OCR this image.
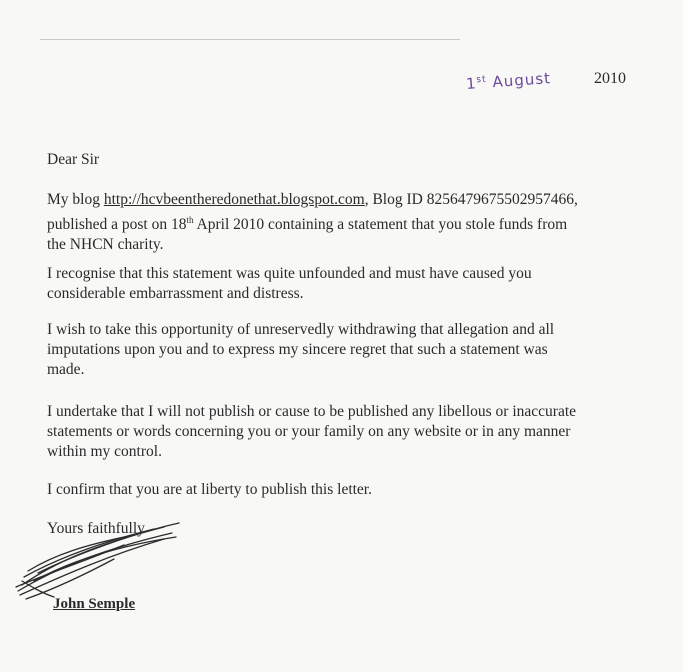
1st August	2010

Dear Sir

My blog http://hcvbeentheredonethat.blogspot.com, Blog ID 8256479675502957466,
published a post on 18th April 2010 containing a statement that you stole funds from
the NHCN charity.

I recognise that this statement was quite unfounded and must have caused you
considerable embarrassment and distress.

I wish to take this opportunity of unreservedly withdrawing that allegation and all
imputations upon you and to express my sincere regret that such a statement was
made.

I undertake that I will not publish or cause to be published any libellous or inaccurate
statements or words concerning you or your family on any website or in any manner
within my control.

I confirm that you are at liberty to publish this letter.

Yours faithfully

John Semple
